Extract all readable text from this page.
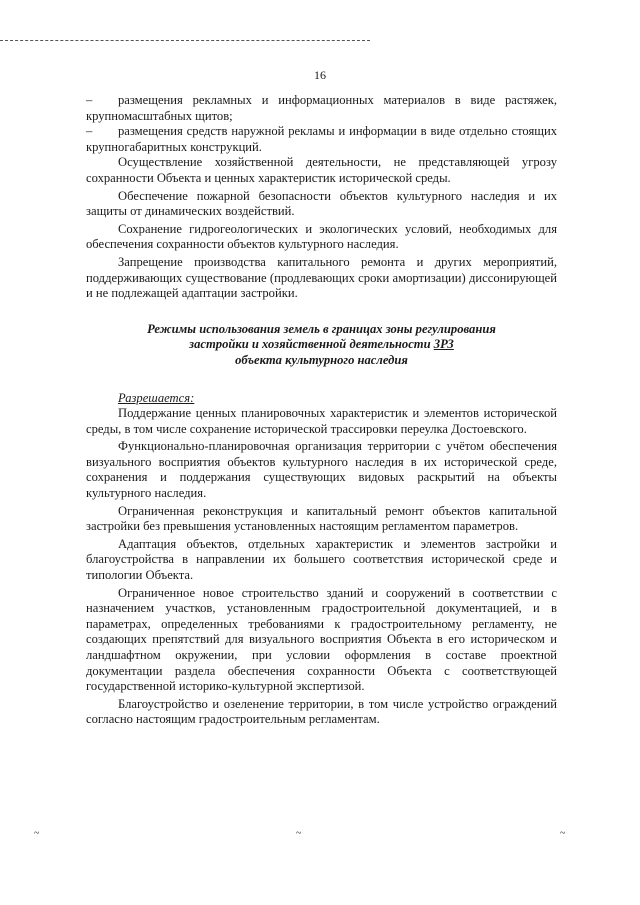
16

– размещения рекламных и информационных материалов в виде растяжек, крупномасштабных щитов;

– размещения средств наружной рекламы и информации в виде отдельно стоящих крупногабаритных конструкций.

Осуществление хозяйственной деятельности, не представляющей угрозу сохранности Объекта и ценных характеристик исторической среды.

Обеспечение пожарной безопасности объектов культурного наследия и их защиты от динамических воздействий.

Сохранение гидрогеологических и экологических условий, необходимых для обеспечения сохранности объектов культурного наследия.

Запрещение производства капитального ремонта и других мероприятий, поддерживающих существование (продлевающих сроки амортизации) диссонирующей и не подлежащей адаптации застройки.

Режимы использования земель в границах зоны регулирования
застройки и хозяйственной деятельности ЗРЗ
объекта культурного наследия

Разрешается:

Поддержание ценных планировочных характеристик и элементов исторической среды, в том числе сохранение исторической трассировки переулка Достоевского.

Функционально-планировочная организация территории с учётом обеспечения визуального восприятия объектов культурного наследия в их исторической среде, сохранения и поддержания существующих видовых раскрытий на объекты культурного наследия.

Ограниченная реконструкция и капитальный ремонт объектов капитальной застройки без превышения установленных настоящим регламентом параметров.

Адаптация объектов, отдельных характеристик и элементов застройки и благоустройства в направлении их большего соответствия исторической среде и типологии Объекта.

Ограниченное новое строительство зданий и сооружений в соответствии с назначением участков, установленным градостроительной документацией, и в параметрах, определенных требованиями к градостроительному регламенту, не создающих препятствий для визуального восприятия Объекта в его историческом и ландшафтном окружении, при условии оформления в составе проектной документации раздела обеспечения сохранности Объекта с соответствующей государственной историко-культурной экспертизой.

Благоустройство и озеленение территории, в том числе устройство ограждений согласно настоящим градостроительным регламентам.

~	~	~
